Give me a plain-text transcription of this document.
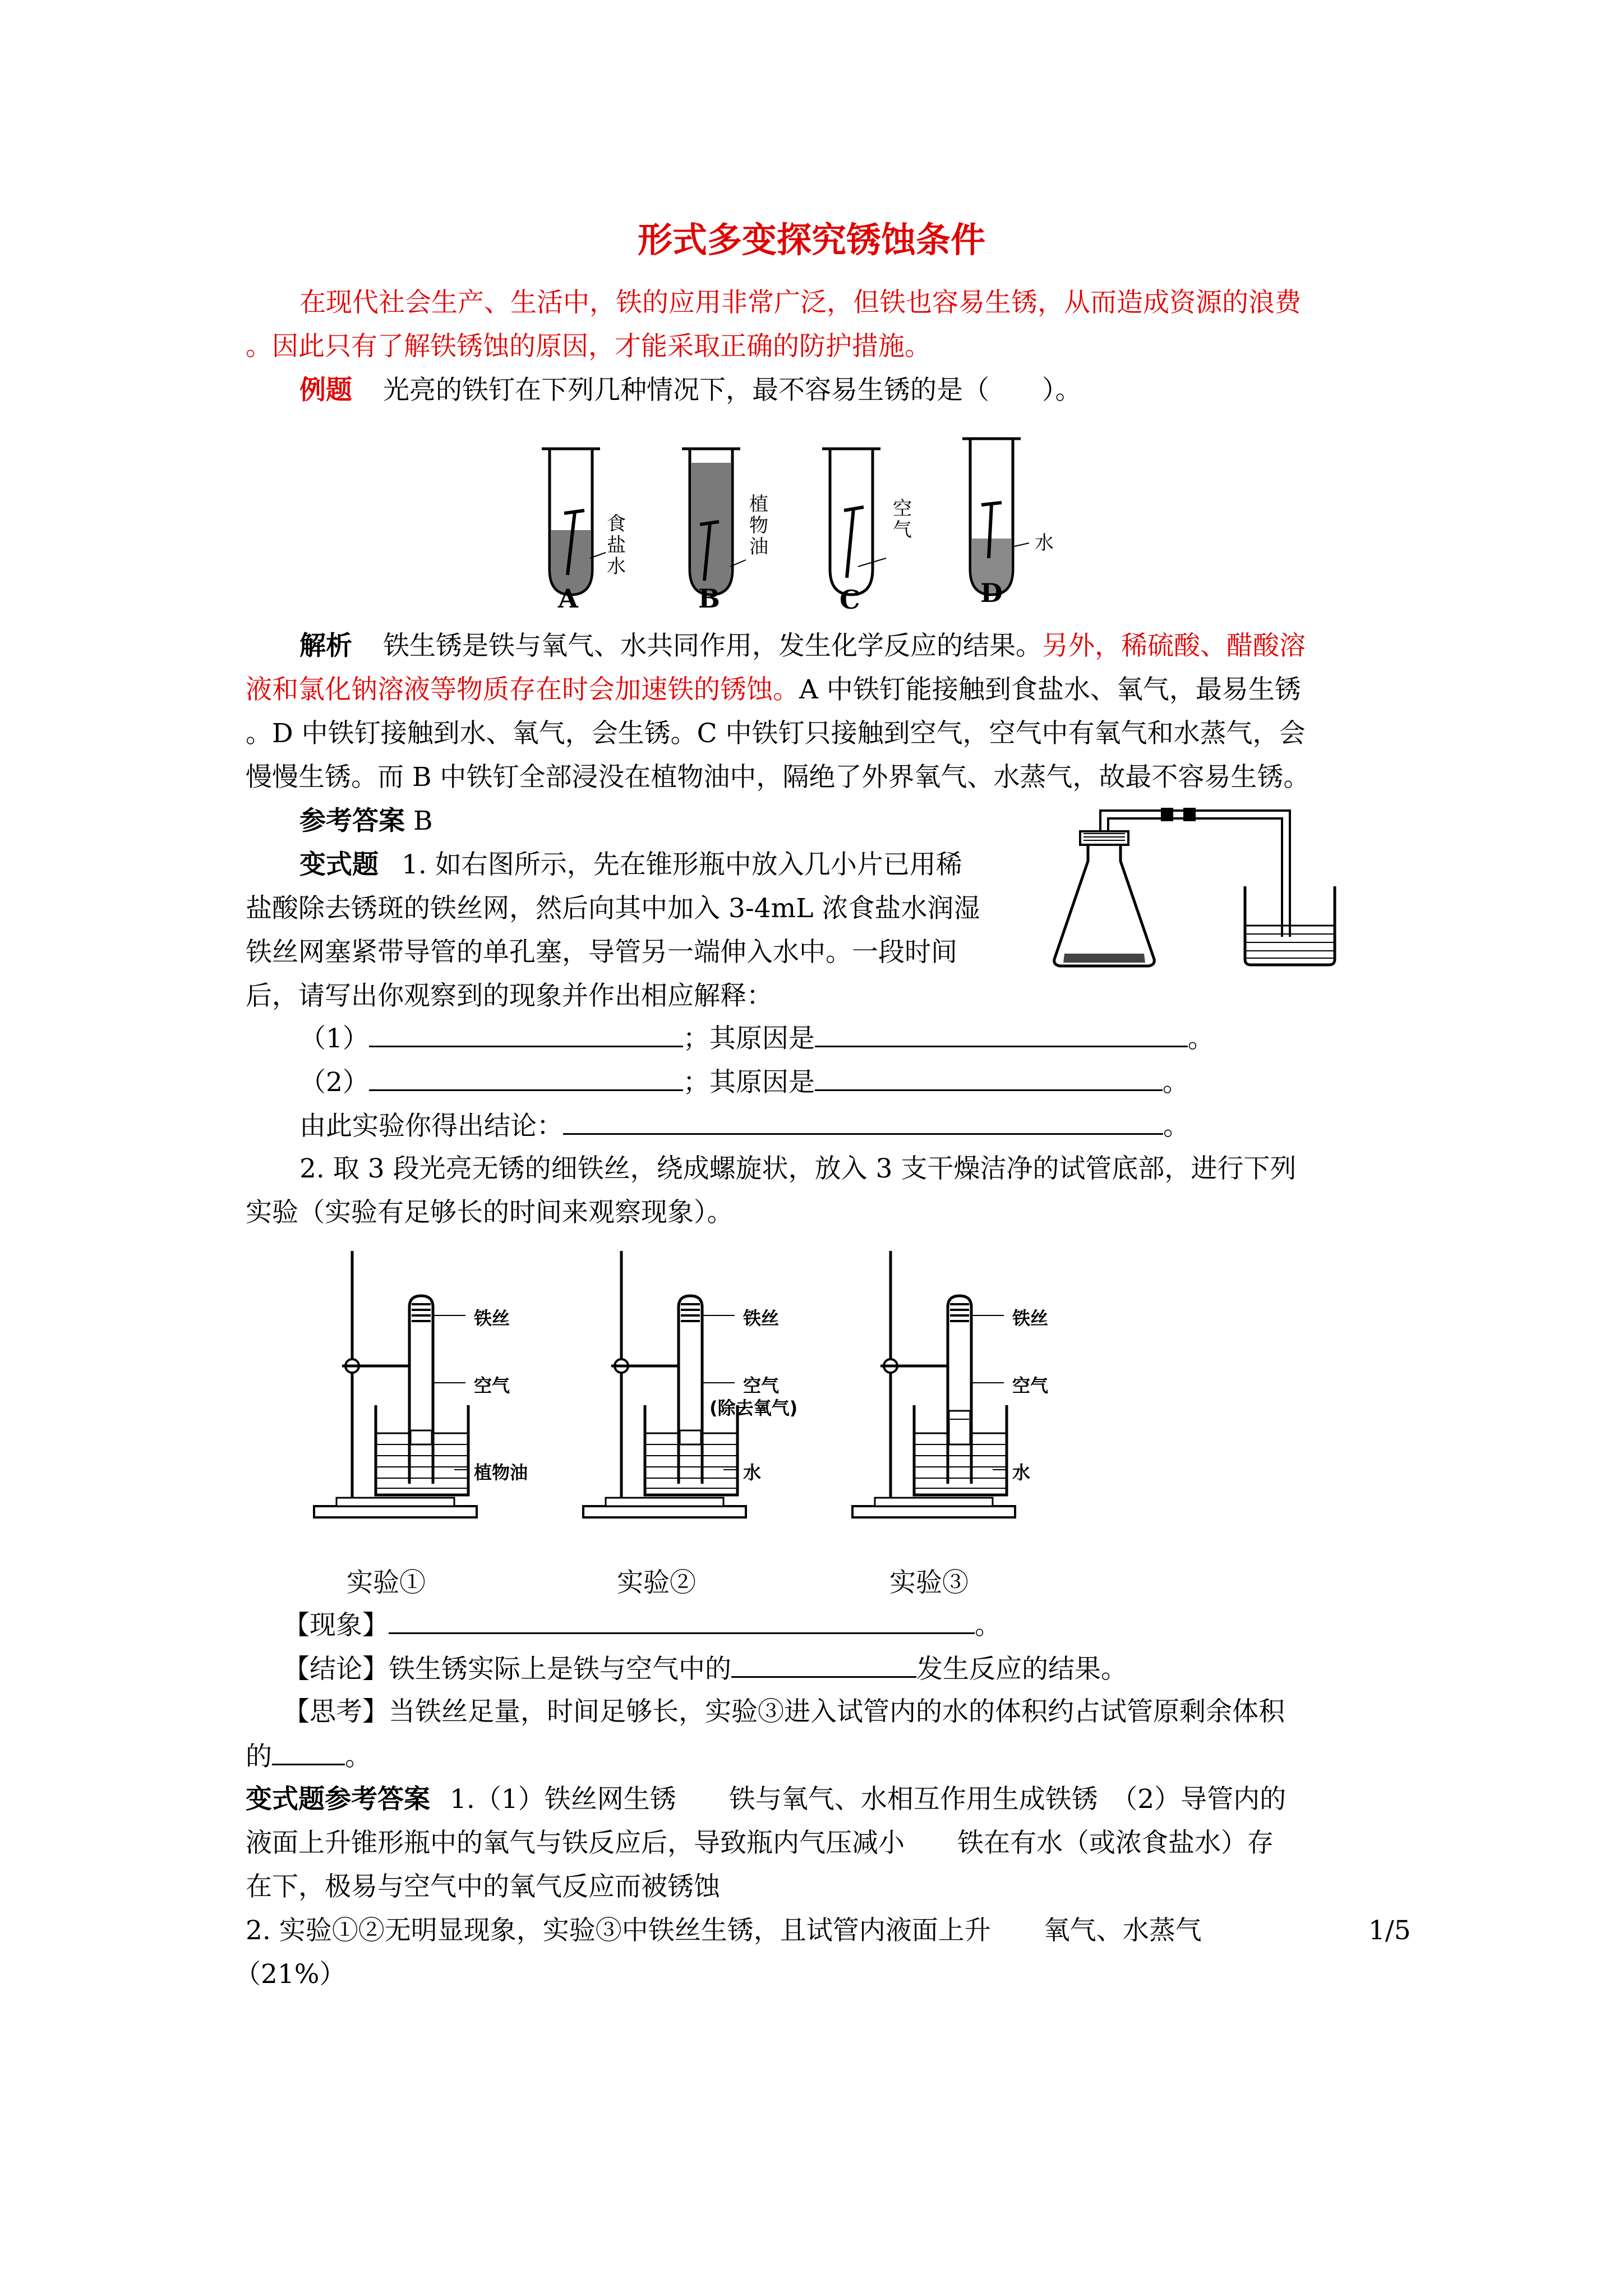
形式多变探究锈蚀条件
在现代社会生产、生活中，铁的应用非常广泛，但铁也容易生锈，从而造成资源的浪费
。因此只有了解铁锈蚀的原因，才能采取正确的防护措施。
例题 光亮的铁钉在下列几种情况下，最不容易生锈的是（　　）。
食
盐
水
植
物
油
空
气
水
A	B	C	D
解析 铁生锈是铁与氧气、水共同作用，发生化学反应的结果。另外，稀硫酸、醋酸溶
液和氯化钠溶液等物质存在时会加速铁的锈蚀。A 中铁钉能接触到食盐水、氧气，最易生锈
。D 中铁钉接触到水、氧气，会生锈。C 中铁钉只接触到空气，空气中有氧气和水蒸气，会
慢慢生锈。而 B 中铁钉全部浸没在植物油中，隔绝了外界氧气、水蒸气，故最不容易生锈。
参考答案 B
变式题 1. 如右图所示，先在锥形瓶中放入几小片已用稀
盐酸除去锈斑的铁丝网，然后向其中加入 3-4mL 浓食盐水润湿
铁丝网塞紧带导管的单孔塞，导管另一端伸入水中。一段时间
后，请写出你观察到的现象并作出相应解释：
（1）	；其原因是	。
（2）	；其原因是	。
由此实验你得出结论：	。
2. 取 3 段光亮无锈的细铁丝，绕成螺旋状，放入 3 支干燥洁净的试管底部，进行下列
实验（实验有足够长的时间来观察现象）。
铁丝
空气
植物油
铁丝
空气
(除去氧气)
水
铁丝
空气
水
实验①	实验②	实验③
【现象】	。
【结论】铁生锈实际上是铁与空气中的	发生反应的结果。
【思考】当铁丝足量，时间足够长，实验③进入试管内的水的体积约占试管原剩余体积
的	。
变式题参考答案 1.（1）铁丝网生锈　　铁与氧气、水相互作用生成铁锈　（2）导管内的
液面上升锥形瓶中的氧气与铁反应后，导致瓶内气压减小　　铁在有水（或浓食盐水）存
在下，极易与空气中的氧气反应而被锈蚀
2. 实验①②无明显现象，实验③中铁丝生锈，且试管内液面上升　　氧气、水蒸气	1/5
（21%）
